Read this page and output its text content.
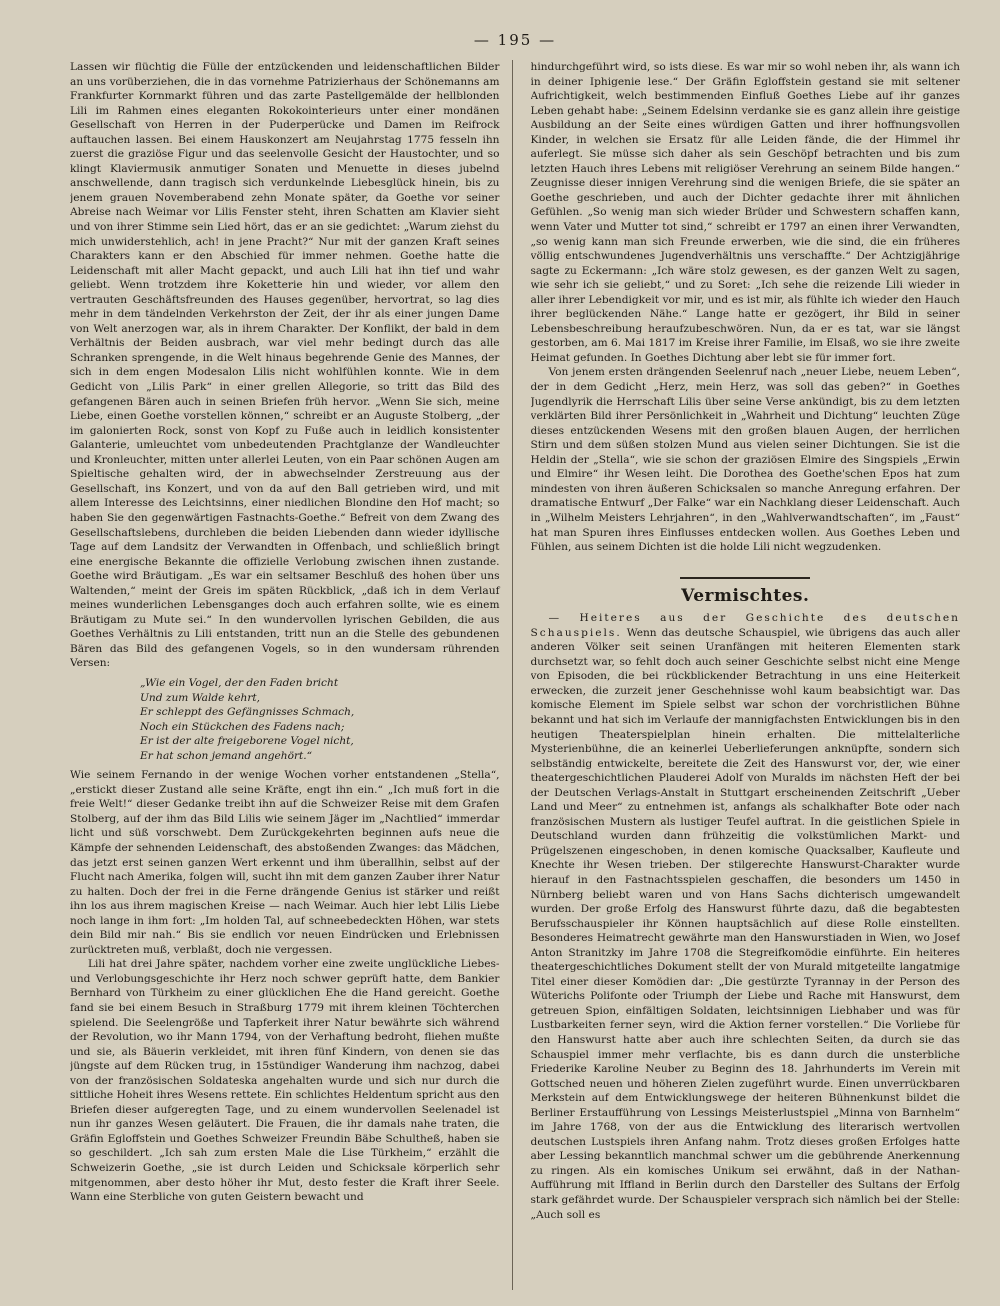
— 195 —

Lassen wir flüchtig die Fülle der entzückenden und leidenschaftlichen Bilder an uns vorüberziehen, die in das vornehme Patrizierhaus der Schönemanns am Frankfurter Kornmarkt führen und das zarte Pastellgemälde der hellblonden Lili im Rahmen eines eleganten Rokokointerieurs unter einer mondänen Gesellschaft von Herren in der Puderperücke und Damen im Reifrock auftauchen lassen. Bei einem Hauskonzert am Neujahrstag 1775 fesseln ihn zuerst die graziöse Figur und das seelenvolle Gesicht der Haustochter, und so klingt Klaviermusik anmutiger Sonaten und Menuette in dieses jubelnd anschwellende, dann tragisch sich verdunkelnde Liebesglück hinein, bis zu jenem grauen Novemberabend zehn Monate später, da Goethe vor seiner Abreise nach Weimar vor Lilis Fenster steht, ihren Schatten am Klavier sieht und von ihrer Stimme sein Lied hört, das er an sie gedichtet: „Warum ziehst du mich unwiderstehlich, ach! in jene Pracht?“ Nur mit der ganzen Kraft seines Charakters kann er den Abschied für immer nehmen. Goethe hatte die Leidenschaft mit aller Macht gepackt, und auch Lili hat ihn tief und wahr geliebt. Wenn trotzdem ihre Koketterie hin und wieder, vor allem den vertrauten Geschäftsfreunden des Hauses gegenüber, hervortrat, so lag dies mehr in dem tändelnden Verkehrston der Zeit, der ihr als einer jungen Dame von Welt anerzogen war, als in ihrem Charakter. Der Konflikt, der bald in dem Verhältnis der Beiden ausbrach, war viel mehr bedingt durch das alle Schranken sprengende, in die Welt hinaus begehrende Genie des Mannes, der sich in dem engen Modesalon Lilis nicht wohlfühlen konnte. Wie in dem Gedicht von „Lilis Park“ in einer grellen Allegorie, so tritt das Bild des gefangenen Bären auch in seinen Briefen früh hervor. „Wenn Sie sich, meine Liebe, einen Goethe vorstellen können,“ schreibt er an Auguste Stolberg, „der im galonierten Rock, sonst von Kopf zu Fuße auch in leidlich konsistenter Galanterie, umleuchtet vom unbedeutenden Prachtglanze der Wandleuchter und Kronleuchter, mitten unter allerlei Leuten, von ein Paar schönen Augen am Spieltische gehalten wird, der in abwechselnder Zerstreuung aus der Gesellschaft, ins Konzert, und von da auf den Ball getrieben wird, und mit allem Interesse des Leichtsinns, einer niedlichen Blondine den Hof macht; so haben Sie den gegenwärtigen Fastnachts-Goethe.“ Befreit von dem Zwang des Gesellschaftslebens, durchleben die beiden Liebenden dann wieder idyllische Tage auf dem Landsitz der Verwandten in Offenbach, und schließlich bringt eine energische Bekannte die offizielle Verlobung zwischen ihnen zustande. Goethe wird Bräutigam. „Es war ein seltsamer Beschluß des hohen über uns Waltenden,“ meint der Greis im späten Rückblick, „daß ich in dem Verlauf meines wunderlichen Lebensganges doch auch erfahren sollte, wie es einem Bräutigam zu Mute sei.“ In den wundervollen lyrischen Gebilden, die aus Goethes Verhältnis zu Lili entstanden, tritt nun an die Stelle des gebundenen Bären das Bild des gefangenen Vogels, so in den wundersam rührenden Versen:

„Wie ein Vogel, der den Faden bricht
Und zum Walde kehrt,
Er schleppt des Gefängnisses Schmach,
Noch ein Stückchen des Fadens nach;
Er ist der alte freigeborene Vogel nicht,
Er hat schon jemand angehört.“

Wie seinem Fernando in der wenige Wochen vorher entstandenen „Stella“, „erstickt dieser Zustand alle seine Kräfte, engt ihn ein.“ „Ich muß fort in die freie Welt!“ dieser Gedanke treibt ihn auf die Schweizer Reise mit dem Grafen Stolberg, auf der ihm das Bild Lilis wie seinem Jäger im „Nachtlied“ immerdar licht und süß vorschwebt. Dem Zurückgekehrten beginnen aufs neue die Kämpfe der sehnenden Leidenschaft, des abstoßenden Zwanges: das Mädchen, das jetzt erst seinen ganzen Wert erkennt und ihm überallhin, selbst auf der Flucht nach Amerika, folgen will, sucht ihn mit dem ganzen Zauber ihrer Natur zu halten. Doch der frei in die Ferne drängende Genius ist stärker und reißt ihn los aus ihrem magischen Kreise — nach Weimar. Auch hier lebt Lilis Liebe noch lange in ihm fort: „Im holden Tal, auf schneebedeckten Höhen, war stets dein Bild mir nah.“ Bis sie endlich vor neuen Eindrücken und Erlebnissen zurücktreten muß, verblaßt, doch nie vergessen.

Lili hat drei Jahre später, nachdem vorher eine zweite unglückliche Liebes- und Verlobungsgeschichte ihr Herz noch schwer geprüft hatte, dem Bankier Bernhard von Türkheim zu einer glücklichen Ehe die Hand gereicht. Goethe fand sie bei einem Besuch in Straßburg 1779 mit ihrem kleinen Töchterchen spielend. Die Seelengröße und Tapferkeit ihrer Natur bewährte sich während der Revolution, wo ihr Mann 1794, von der Verhaftung bedroht, fliehen mußte und sie, als Bäuerin verkleidet, mit ihren fünf Kindern, von denen sie das jüngste auf dem Rücken trug, in 15stündiger Wanderung ihm nachzog, dabei von der französischen Soldateska angehalten wurde und sich nur durch die sittliche Hoheit ihres Wesens rettete. Ein schlichtes Heldentum spricht aus den Briefen dieser aufgeregten Tage, und zu einem wundervollen Seelenadel ist nun ihr ganzes Wesen geläutert. Die Frauen, die ihr damals nahe traten, die Gräfin Egloffstein und Goethes Schweizer Freundin Bäbe Schultheß, haben sie so geschildert. „Ich sah zum ersten Male die Lise Türkheim,“ erzählt die Schweizerin Goethe, „sie ist durch Leiden und Schicksale körperlich sehr mitgenommen, aber desto höher ihr Mut, desto fester die Kraft ihrer Seele. Wann eine Sterbliche von guten Geistern bewacht und

hindurchgeführt wird, so ists diese. Es war mir so wohl neben ihr, als wann ich in deiner Iphigenie lese.“ Der Gräfin Egloffstein gestand sie mit seltener Aufrichtigkeit, welch bestimmenden Einfluß Goethes Liebe auf ihr ganzes Leben gehabt habe: „Seinem Edelsinn verdanke sie es ganz allein ihre geistige Ausbildung an der Seite eines würdigen Gatten und ihrer hoffnungsvollen Kinder, in welchen sie Ersatz für alle Leiden fände, die der Himmel ihr auferlegt. Sie müsse sich daher als sein Geschöpf betrachten und bis zum letzten Hauch ihres Lebens mit religiöser Verehrung an seinem Bilde hangen.“ Zeugnisse dieser innigen Verehrung sind die wenigen Briefe, die sie später an Goethe geschrieben, und auch der Dichter gedachte ihrer mit ähnlichen Gefühlen. „So wenig man sich wieder Brüder und Schwestern schaffen kann, wenn Vater und Mutter tot sind,“ schreibt er 1797 an einen ihrer Verwandten, „so wenig kann man sich Freunde erwerben, wie die sind, die ein früheres völlig entschwundenes Jugendverhältnis uns verschaffte.“ Der Achtzigjährige sagte zu Eckermann: „Ich wäre stolz gewesen, es der ganzen Welt zu sagen, wie sehr ich sie geliebt,“ und zu Soret: „Ich sehe die reizende Lili wieder in aller ihrer Lebendigkeit vor mir, und es ist mir, als fühlte ich wieder den Hauch ihrer beglückenden Nähe.“ Lange hatte er gezögert, ihr Bild in seiner Lebensbeschreibung heraufzubeschwören. Nun, da er es tat, war sie längst gestorben, am 6. Mai 1817 im Kreise ihrer Familie, im Elsaß, wo sie ihre zweite Heimat gefunden. In Goethes Dichtung aber lebt sie für immer fort.

Von jenem ersten drängenden Seelenruf nach „neuer Liebe, neuem Leben“, der in dem Gedicht „Herz, mein Herz, was soll das geben?“ in Goethes Jugendlyrik die Herrschaft Lilis über seine Verse ankündigt, bis zu dem letzten verklärten Bild ihrer Persönlichkeit in „Wahrheit und Dichtung“ leuchten Züge dieses entzückenden Wesens mit den großen blauen Augen, der herrlichen Stirn und dem süßen stolzen Mund aus vielen seiner Dichtungen. Sie ist die Heldin der „Stella“, wie sie schon der graziösen Elmire des Singspiels „Erwin und Elmire“ ihr Wesen leiht. Die Dorothea des Goethe'schen Epos hat zum mindesten von ihren äußeren Schicksalen so manche Anregung erfahren. Der dramatische Entwurf „Der Falke“ war ein Nachklang dieser Leidenschaft. Auch in „Wilhelm Meisters Lehrjahren“, in den „Wahlverwandtschaften“, im „Faust“ hat man Spuren ihres Einflusses entdecken wollen. Aus Goethes Leben und Fühlen, aus seinem Dichten ist die holde Lili nicht wegzudenken.

Vermischtes.

— Heiteres aus der Geschichte des deutschen Schauspiels. Wenn das deutsche Schauspiel, wie übrigens das auch aller anderen Völker seit seinen Uranfängen mit heiteren Elementen stark durchsetzt war, so fehlt doch auch seiner Geschichte selbst nicht eine Menge von Episoden, die bei rückblickender Betrachtung in uns eine Heiterkeit erwecken, die zurzeit jener Geschehnisse wohl kaum beabsichtigt war. Das komische Element im Spiele selbst war schon der vorchristlichen Bühne bekannt und hat sich im Verlaufe der mannigfachsten Entwicklungen bis in den heutigen Theaterspielplan hinein erhalten. Die mittelalterliche Mysterienbühne, die an keinerlei Ueberlieferungen anknüpfte, sondern sich selbständig entwickelte, bereitete die Zeit des Hanswurst vor, der, wie einer theatergeschichtlichen Plauderei Adolf von Muralds im nächsten Heft der bei der Deutschen Verlags-Anstalt in Stuttgart erscheinenden Zeitschrift „Ueber Land und Meer“ zu entnehmen ist, anfangs als schalkhafter Bote oder nach französischen Mustern als lustiger Teufel auftrat. In die geistlichen Spiele in Deutschland wurden dann frühzeitig die volkstümlichen Markt- und Prügelszenen eingeschoben, in denen komische Quacksalber, Kaufleute und Knechte ihr Wesen trieben. Der stilgerechte Hanswurst-Charakter wurde hierauf in den Fastnachtsspielen geschaffen, die besonders um 1450 in Nürnberg beliebt waren und von Hans Sachs dichterisch umgewandelt wurden. Der große Erfolg des Hanswurst führte dazu, daß die begabtesten Berufsschauspieler ihr Können hauptsächlich auf diese Rolle einstellten. Besonderes Heimatrecht gewährte man den Hanswurstiaden in Wien, wo Josef Anton Stranitzky im Jahre 1708 die Stegreifkomödie einführte. Ein heiteres theatergeschichtliches Dokument stellt der von Murald mitgeteilte langatmige Titel einer dieser Komödien dar: „Die gestürzte Tyrannay in der Person des Wüterichs Polifonte oder Triumph der Liebe und Rache mit Hanswurst, dem getreuen Spion, einfältigen Soldaten, leichtsinnigen Liebhaber und was für Lustbarkeiten ferner seyn, wird die Aktion ferner vorstellen.“ Die Vorliebe für den Hanswurst hatte aber auch ihre schlechten Seiten, da durch sie das Schauspiel immer mehr verflachte, bis es dann durch die unsterbliche Friederike Karoline Neuber zu Beginn des 18. Jahrhunderts im Verein mit Gottsched neuen und höheren Zielen zugeführt wurde. Einen unverrückbaren Merkstein auf dem Entwicklungswege der heiteren Bühnenkunst bildet die Berliner Erstaufführung von Lessings Meisterlustspiel „Minna von Barnhelm“ im Jahre 1768, von der aus die Entwicklung des literarisch wertvollen deutschen Lustspiels ihren Anfang nahm. Trotz dieses großen Erfolges hatte aber Lessing bekanntlich manchmal schwer um die gebührende Anerkennung zu ringen. Als ein komisches Unikum sei erwähnt, daß in der Nathan-Aufführung mit Iffland in Berlin durch den Darsteller des Sultans der Erfolg stark gefährdet wurde. Der Schauspieler versprach sich nämlich bei der Stelle: „Auch soll es
